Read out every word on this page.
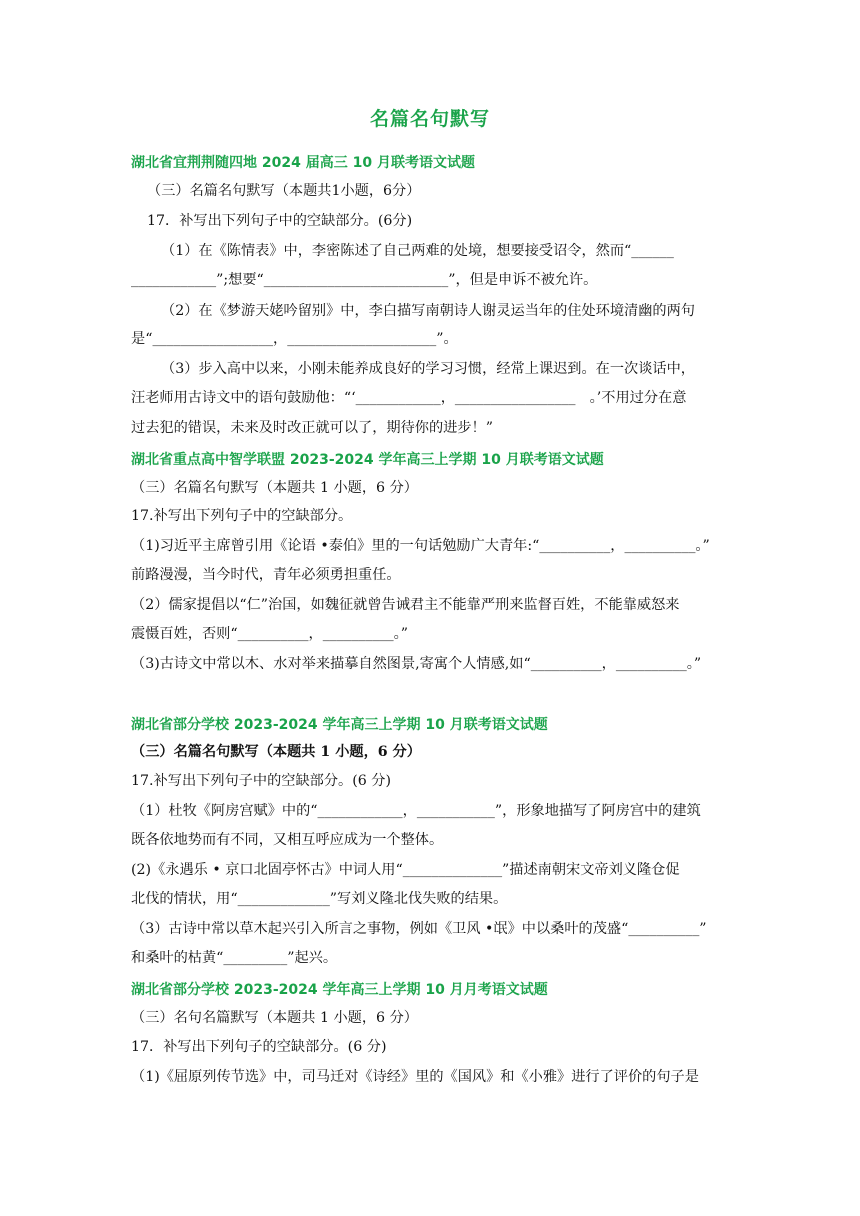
名篇名句默写
湖北省宜荆荆随四地 2024 届高三 10 月联考语文试题
（三）名篇名句默写（本题共1小题，6分）
17．补写出下列句子中的空缺部分。(6分)
（1）在《陈情表》中，李密陈述了自己两难的处境，想要接受诏令，然而“______
____________”;想要“__________________________”，但是申诉不被允许。
（2）在《梦游天姥吟留别》中，李白描写南朝诗人谢灵运当年的住处环境清幽的两句
是“_________________，_____________________”。
（3）步入高中以来，小刚未能养成良好的学习习惯，经常上课迟到。在一次谈话中，
汪老师用古诗文中的语句鼓励他：“‘____________，_________________　。’不用过分在意
过去犯的错误，未来及时改正就可以了，期待你的进步！”
湖北省重点高中智学联盟 2023-2024 学年高三上学期 10 月联考语文试题
（三）名篇名句默写（本题共 1 小题，6 分）
17.补写出下列句子中的空缺部分。
（1)习近平主席曾引用《论语 •泰伯》里的一句话勉励广大青年:“__________，__________。”
前路漫漫，当今时代，青年必须勇担重任。
（2）儒家提倡以“仁”治国，如魏征就曾告诫君主不能靠严刑来监督百姓，不能靠威怒来
震慑百姓，否则“__________，__________。”
（3)古诗文中常以木、水对举来描摹自然图景,寄寓个人情感,如“__________，__________。”
湖北省部分学校 2023-2024 学年高三上学期 10 月联考语文试题
（三）名篇名句默写（本题共 1 小题，6 分）
17.补写出下列句子中的空缺部分。(6 分)
（1）杜牧《阿房宫赋》中的“____________，___________”，形象地描写了阿房宫中的建筑
既各依地势而有不同，又相互呼应成为一个整体。
(2)《永遇乐 • 京口北固亭怀古》中词人用“______________”描述南朝宋文帝刘义隆仓促
北伐的情状，用“_____________”写刘义隆北伐失败的结果。
（3）古诗中常以草木起兴引入所言之事物，例如《卫风 •氓》中以桑叶的茂盛“__________”
和桑叶的枯黄“_________”起兴。
湖北省部分学校 2023-2024 学年高三上学期 10 月月考语文试题
（三）名句名篇默写（本题共 1 小题，6 分）
17．补写出下列句子的空缺部分。(6 分)
（1)《屈原列传节选》中，司马迁对《诗经》里的《国风》和《小雅》进行了评价的句子是
